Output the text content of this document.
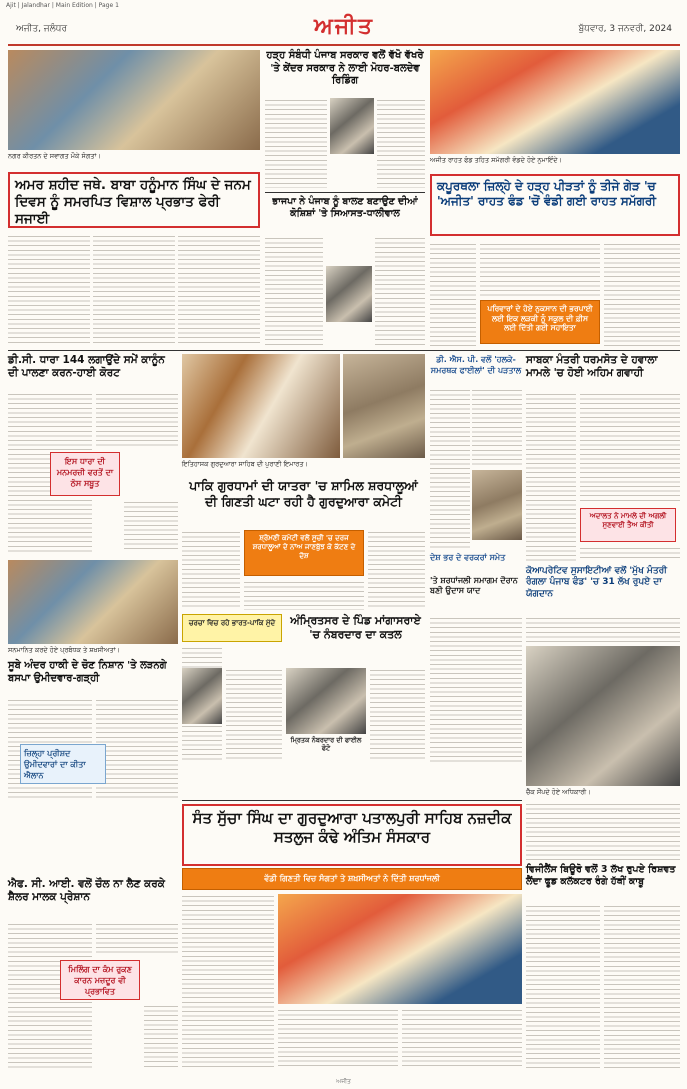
Ajit | Jalandhar | Main Edition | Page 1
ਅਜੀਤ, ਜਲੰਧਰ	ਅਜੀਤ	ਬੁੱਧਵਾਰ, 3 ਜਨਵਰੀ, 2024
ਨਗਰ ਕੀਰਤਨ ਦੇ ਸਵਾਗਤ ਮੌਕੇ ਸੰਗਤਾਂ।
ਅਮਰ ਸ਼ਹੀਦ ਜਥੇ. ਬਾਬਾ ਹਨੂੰਮਾਨ ਸਿੰਘ ਦੇ ਜਨਮ ਦਿਵਸ ਨੂੰ ਸਮਰਪਿਤ ਵਿਸ਼ਾਲ ਪ੍ਰਭਾਤ ਫੇਰੀ ਸਜਾਈ
ਹੜ੍ਹ ਸੰਬੰਧੀ ਪੰਜਾਬ ਸਰਕਾਰ ਵਲੋਂ ਵੱਖੋ ਵੱਖਰੇ 'ਤੇ ਕੇਂਦਰ ਸਰਕਾਰ ਨੇ ਲਾਈ ਮੋਹਰ-ਬਲਦੇਵ ਰਿਡਿੰਗ
ਭਾਜਪਾ ਨੇ ਪੰਜਾਬ ਨੂੰ ਬਾਲਣ ਬਣਾਉਣ ਦੀਆਂ ਕੋਸ਼ਿਸ਼ਾਂ 'ਤੇ ਸਿਆਸਤ-ਧਾਲੀਵਾਲ
ਅਜੀਤ ਰਾਹਤ ਫੰਡ ਤਹਿਤ ਸਮੱਗਰੀ ਵੰਡਦੇ ਹੋਏ ਨੁਮਾਇੰਦੇ।
ਕਪੂਰਥਲਾ ਜ਼ਿਲ੍ਹੇ ਦੇ ਹੜ੍ਹ ਪੀੜਤਾਂ ਨੂੰ ਤੀਜੇ ਗੇੜ 'ਚ 'ਅਜੀਤ' ਰਾਹਤ ਫੰਡ 'ਚੋਂ ਵੰਡੀ ਗਈ ਰਾਹਤ ਸਮੱਗਰੀ
ਪਰਿਵਾਰਾਂ ਦੇ ਹੋਏ ਨੁਕਸਾਨ ਦੀ ਭਰਪਾਈ ਲਈ ਇਕ ਲੜਕੀ ਨੂੰ ਸਕੂਲ ਦੀ ਫ਼ੀਸ ਲਈ ਦਿੱਤੀ ਗਈ ਸਹਾਇਤਾ
ਡੀ.ਸੀ. ਧਾਰਾ 144 ਲਗਾਉਂਦੇ ਸਮੇਂ ਕਾਨੂੰਨ ਦੀ ਪਾਲਣਾ ਕਰਨ-ਹਾਈ ਕੋਰਟ
ਇਸ ਧਾਰਾ ਦੀ ਮਨਮਰਜ਼ੀ ਵਰਤੋਂ ਦਾ ਠੋਸ ਸਬੂਤ
ਇਤਿਹਾਸਕ ਗੁਰਦੁਆਰਾ ਸਾਹਿਬ ਦੀ ਪੁਰਾਣੀ ਇਮਾਰਤ।
ਪਾਕਿ ਗੁਰਧਾਮਾਂ ਦੀ ਯਾਤਰਾ 'ਚ ਸ਼ਾਮਿਲ ਸ਼ਰਧਾਲੂਆਂ ਦੀ ਗਿਣਤੀ ਘਟਾ ਰਹੀ ਹੈ ਗੁਰਦੁਆਰਾ ਕਮੇਟੀ
ਸ਼੍ਰੋਮਣੀ ਕਮੇਟੀ ਵਲੋਂ ਸੂਚੀ 'ਚ ਦਰਜ ਸ਼ਰਧਾਲੂਆਂ ਦੇ ਨਾਂਅ ਜਾਣਬੁੱਝ ਕੇ ਕੱਟਣ ਦੇ ਦੋਸ਼
ਡੀ. ਐਸ. ਪੀ. ਵਲੋਂ 'ਹਲਕੇ-ਸਮਰਥਕ ਫਾਈਲਾਂ' ਦੀ ਪੜਤਾਲ
ਸਾਬਕਾ ਮੰਤਰੀ ਧਰਮਸੋਤ ਦੇ ਹਵਾਲਾ ਮਾਮਲੇ 'ਚ ਹੋਈ ਅਹਿਮ ਗਵਾਹੀ
ਅਦਾਲਤ ਨੇ ਮਾਮਲੇ ਦੀ ਅਗਲੀ ਸੁਣਵਾਈ ਤੈਅ ਕੀਤੀ
ਸਨਮਾਨਿਤ ਕਰਦੇ ਹੋਏ ਪ੍ਰਬੰਧਕ ਤੇ ਸ਼ਖ਼ਸੀਅਤਾਂ।
ਸੂਬੇ ਅੰਦਰ ਹਾਕੀ ਦੇ ਚੋਣ ਨਿਸ਼ਾਨ 'ਤੇ ਲੜਨਗੇ ਬਸਪਾ ਉਮੀਦਵਾਰ-ਗੜ੍ਹੀ
ਜ਼ਿਲ੍ਹਾ ਪ੍ਰੀਸ਼ਦ ਉਮੀਦਵਾਰਾਂ ਦਾ ਕੀਤਾ ਐਲਾਨ
ਚਰਚਾ ਵਿਚ ਰਹੇ ਭਾਰਤ-ਪਾਕਿ ਮੁੱਦੇ	ਅੰਮ੍ਰਿਤਸਰ ਦੇ ਪਿੰਡ ਮਾਂਗਾਸਰਾਏ 'ਚ ਨੰਬਰਦਾਰ ਦਾ ਕਤਲ
ਮ੍ਰਿਤਕ ਨੰਬਰਦਾਰ ਦੀ ਫਾਈਲ ਫੋਟੋ
ਦੇਸ਼ ਭਰ ਦੇ ਵਰਕਰਾਂ ਸਮੇਤ
'ਤੇ ਸ਼ਰਧਾਂਜਲੀ ਸਮਾਗਮ ਦੌਰਾਨ ਬਣੀ ਉਦਾਸ ਯਾਦ
ਕੋਆਪਰੇਟਿਵ ਸੁਸਾਇਟੀਆਂ ਵਲੋਂ 'ਮੁੱਖ ਮੰਤਰੀ ਰੰਗਲਾ ਪੰਜਾਬ ਫੰਡ' 'ਚ 31 ਲੱਖ ਰੁਪਏ ਦਾ ਯੋਗਦਾਨ
ਚੈੱਕ ਸੌਂਪਦੇ ਹੋਏ ਅਧਿਕਾਰੀ।
ਸੰਤ ਸੁੱਚਾ ਸਿੰਘ ਦਾ ਗੁਰਦੁਆਰਾ ਪਤਾਲਪੁਰੀ ਸਾਹਿਬ ਨਜ਼ਦੀਕ ਸਤਲੁਜ ਕੰਢੇ ਅੰਤਿਮ ਸੰਸਕਾਰ
ਵੱਡੀ ਗਿਣਤੀ ਵਿਚ ਸੰਗਤਾਂ ਤੇ ਸ਼ਖ਼ਸੀਅਤਾਂ ਨੇ ਦਿੱਤੀ ਸ਼ਰਧਾਂਜਲੀ
ਐਫ. ਸੀ. ਆਈ. ਵਲੋਂ ਚੌਲ ਨਾ ਲੈਣ ਕਰਕੇ ਸ਼ੈਲਰ ਮਾਲਕ ਪ੍ਰੇਸ਼ਾਨ
ਮਿਲਿੰਗ ਦਾ ਕੰਮ ਰੁਕਣ ਕਾਰਨ ਮਜ਼ਦੂਰ ਵੀ ਪ੍ਰਭਾਵਿਤ
ਵਿਜੀਲੈਂਸ ਬਿਊਰੋ ਵਲੋਂ 3 ਲੱਖ ਰੁਪਏ ਰਿਸ਼ਵਤ ਲੈਂਦਾ ਫੂਡ ਕਲੱਕਟਰ ਰੰਗੇ ਹੱਥੀਂ ਕਾਬੂ
ਅਜੀਤ
